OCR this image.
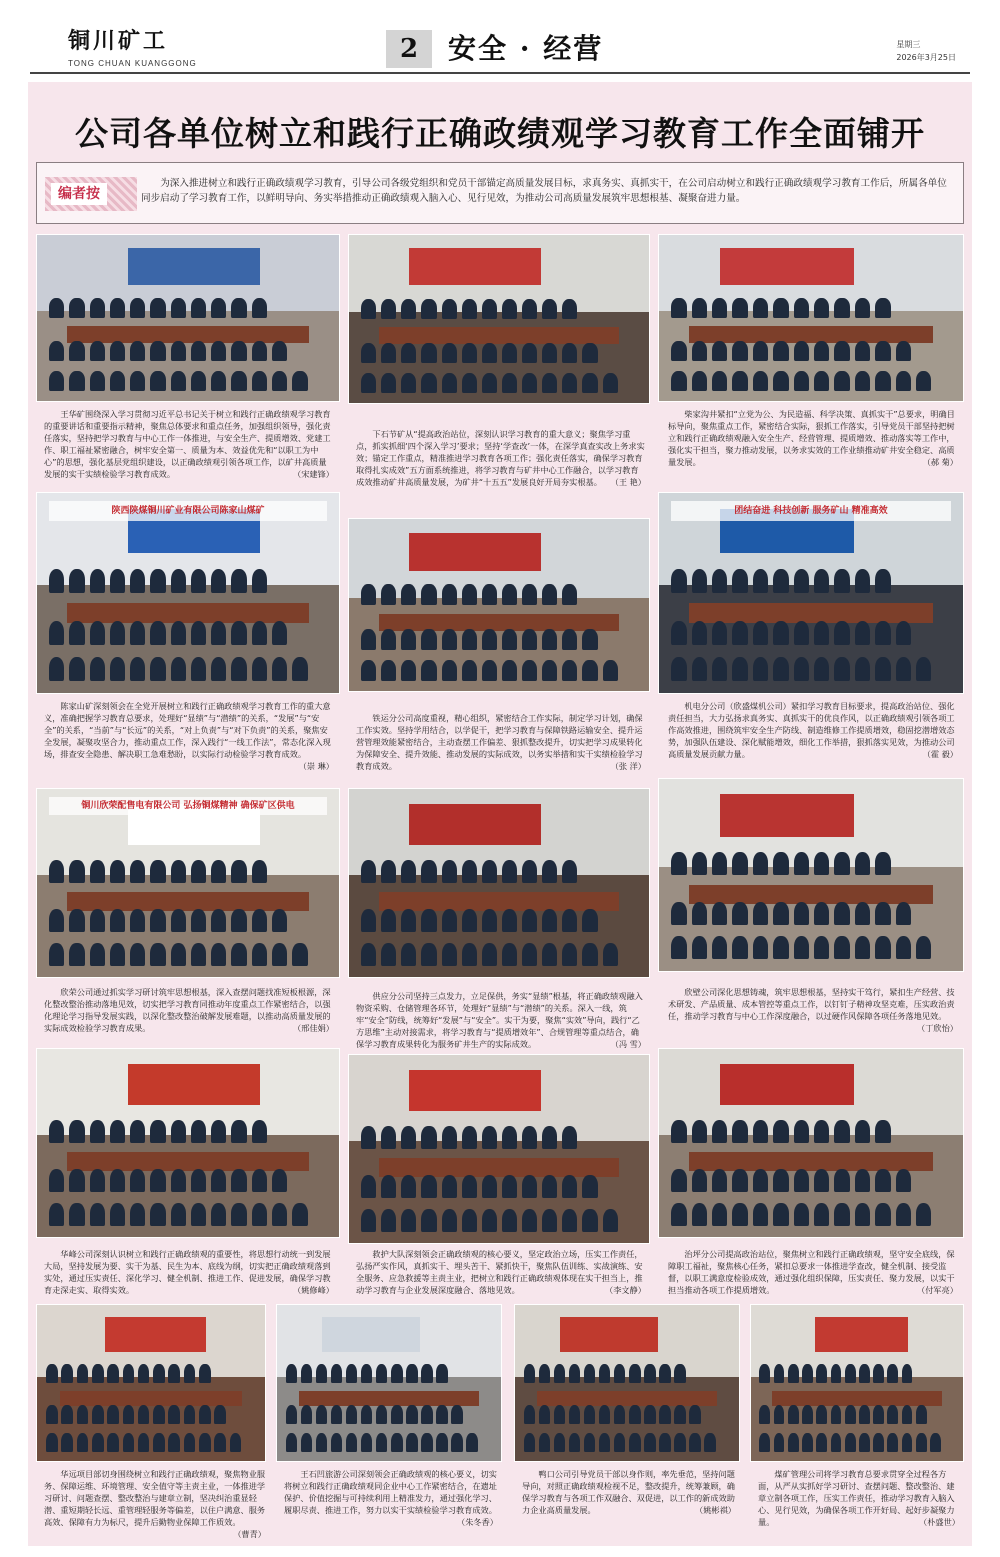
铜川矿工
TONG CHUAN KUANGGONG	2	安全 · 经营	星期三
2026年3月25日
公司各单位树立和践行正确政绩观学习教育工作全面铺开
编者按
为深入推进树立和践行正确政绩观学习教育，引导公司各级党组织和党员干部锚定高质量发展目标，求真务实、真抓实干，在公司启动树立和践行正确政绩观学习教育工作后，所属各单位同步启动了学习教育工作，以鲜明导向、务实举措推动正确政绩观入脑入心、见行见效，为推动公司高质量发展筑牢思想根基、凝聚奋进力量。
陕西陕煤铜川矿业有限公司陈家山煤矿	团结奋进 科技创新 服务矿山 精准高效
铜川欣荣配售电有限公司 弘扬铜煤精神 确保矿区供电
王华矿围绕深入学习贯彻习近平总书记关于树立和践行正确政绩观学习教育的重要讲话和重要指示精神，聚焦总体要求和重点任务，加强组织领导，强化责任落实，坚持把学习教育与中心工作一体推进，与安全生产、提质增效、党建工作、职工福祉紧密融合，树牢安全第一、质量为本、效益优先和“以职工为中心”的思想，强化基层党组织建设，以正确政绩观引领各项工作，以矿井高质量发展的实干实绩检验学习教育成效。	（宋建锋）
下石节矿从“提高政治站位，深刻认识学习教育的重大意义；聚焦学习重点，抓实抓细‘四个深入学习’要求；坚持‘学查改’一体，在深学真查实改上务求实效；锚定工作重点，精准推进学习教育各项工作；强化责任落实，确保学习教育取得扎实成效”五方面系统推进，将学习教育与矿井中心工作融合，以学习教育成效推动矿井高质量发展，为矿井“十五五”发展良好开局夯实根基。 （王 艳）
柴家沟井紧扣“立党为公、为民造福、科学决策、真抓实干”总要求，明确目标导向，聚焦重点工作，紧密结合实际，狠抓工作落实，引导党员干部坚持把树立和践行正确政绩观融入安全生产、经营管理、提质增效、推动落实等工作中，强化实干担当，聚力推动发展，以务求实效的工作业绩推动矿井安全稳定、高质量发展。	（郝 菊）
陈家山矿深刻领会在全党开展树立和践行正确政绩观学习教育工作的重大意义，准确把握学习教育总要求，处理好“显绩”与“潜绩”的关系，“发展”与“安全”的关系，“当前”与“长远”的关系，“对上负责”与“对下负责”的关系，聚焦安全发展，凝聚攻坚合力，推动重点工作，深入践行“一线工作法”，常态化深入现场，排查安全隐患、解决职工急难愁盼，以实际行动检验学习教育成效。
（崇 琳）
铁运分公司高度重视，精心组织，紧密结合工作实际，制定学习计划，确保工作实效。坚持学用结合，以学促干，把学习教育与保障铁路运输安全、提升运营管理效能紧密结合，主动查摆工作偏差、狠抓整改提升，切实把学习成果转化为保障安全、提升效能、推动发展的实际成效，以务实举措和实干实绩检验学习教育成效。	（张 洋）
机电分公司（欣盛煤机公司）紧扣学习教育目标要求，提高政治站位、强化责任担当，大力弘扬求真务实、真抓实干的优良作风，以正确政绩观引领各项工作高效推进，围绕筑牢安全生产防线、制造维修工作提质增效，稳固挖潜增效态势，加强队伍建设、深化赋能增效，细化工作举措，狠抓落实见效，为推动公司高质量发展贡献力量。	（霍 毅）
欣荣公司通过抓实学习研讨筑牢思想根基，深入查摆问题找准短板根源，深化整改整治推动落地见效，切实把学习教育同推动年度重点工作紧密结合，以强化理论学习指导发展实践，以深化整改整治破解发展难题，以推动高质量发展的实际成效检验学习教育成果。	（邢佳娟）
供应分公司坚持三点发力，立足保供，务实“显绩”根基，将正确政绩观融入物资采购、仓储管理各环节，处理好“显绩”与“潜绩”的关系。深入一线，筑牢“安全”防线，统筹好“发展”与“安全”。实干为要，聚焦“实效”导向，践行“乙方思维”主动对接需求，将学习教育与“提质增效年”、合规管理等重点结合，确保学习教育成果转化为服务矿井生产的实际成效。	（冯 雪）
欣壁公司深化思想铸魂，筑牢思想根基，坚持实干笃行，紧扣生产经营、技术研发、产品质量、成本管控等重点工作，以钉钉子精神攻坚克难，压实政治责任，推动学习教育与中心工作深度融合，以过硬作风保障各项任务落地见效。
（丁欣怡）
华峰公司深刻认识树立和践行正确政绩观的重要性，将思想行动统一到发展大局，坚持发展为要、实干为基、民生为本、底线为纲，切实把正确政绩观落到实处，通过压实责任、深化学习、健全机制、推进工作、促进发展，确保学习教育走深走实、取得实效。	（姚修峰）
救护大队深刻领会正确政绩观的核心要义，坚定政治立场，压实工作责任，弘扬严实作风，真抓实干、埋头苦干、紧抓快干，聚焦队伍训练、实战演练、安全服务、应急救援等主责主业，把树立和践行正确政绩观体现在实干担当上，推动学习教育与企业发展深度融合、落地见效。	（李文静）
治坪分公司提高政治站位，聚焦树立和践行正确政绩观，坚守安全底线，保障职工福祉，聚焦核心任务，紧扣总要求一体推进学查改，健全机制、接受监督，以职工满意度检验成效，通过强化组织保障，压实责任、聚力发展，以实干担当推动各项工作提质增效。	（付军亮）
华远项目部切身围绕树立和践行正确政绩观，聚焦物业服务、保障运维、环境管理、安全值守等主责主业，一体推进学习研讨、问题查摆、整改整治与建章立制，坚决纠治重显轻潜、重短期轻长远、重管理轻服务等偏差，以住户满意、服务高效、保障有力为标尺，提升后勤物业保障工作质效。
（曹青）
王石凹旅游公司深刻领会正确政绩观的核心要义，切实将树立和践行正确政绩观同企业中心工作紧密结合，在遗址保护、价值挖掘与可持续利用上精准发力，通过强化学习、履职尽责、推进工作，努力以实干实绩检验学习教育成效。
（朱冬香）
鸭口公司引导党员干部以身作则，率先垂范，坚持问题导向，对照正确政绩观检视不足，整改提升，统筹兼顾，确保学习教育与各项工作双融合、双促进，以工作的新成效助力企业高质量发展。	（姚彬祺）
煤矿管理公司将学习教育总要求贯穿全过程各方面，从严从实抓好学习研讨、查摆问题、整改整治、建章立制各项工作，压实工作责任，推动学习教育入脑入心、见行见效，为确保各项工作开好局、起好步凝聚力量。	（朴盛世）
